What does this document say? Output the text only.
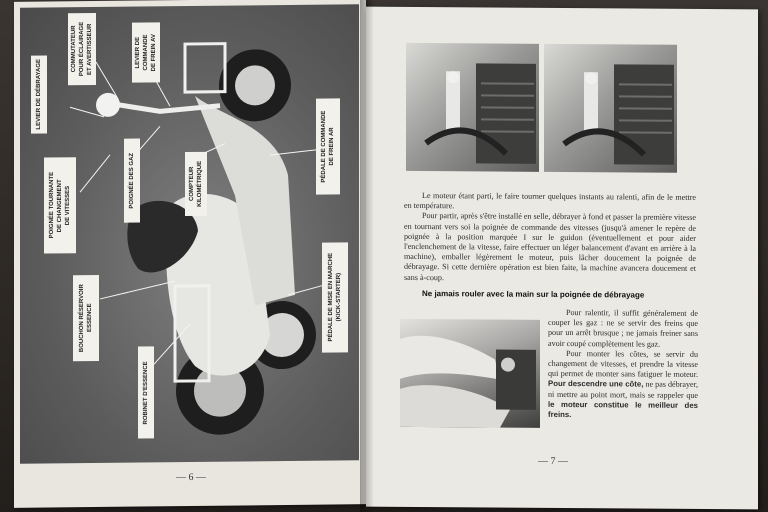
LEVIER DE DÉBRAYAGE
COMMUTATEUR
POUR ÉCLAIRAGE
ET AVERTISSEUR	LEVIER DE
COMMANDE
DE FREIN AV
POIGNÉE TOURNANTE
DE CHANGEMENT
DE VITESSES	POIGNÉE DES GAZ	COMPTEUR
KILOMÉTRIQUE
PÉDALE DE COMMANDE
DE FREIN AR
BOUCHON RÉSERVOIR
ESSENCE	PÉDALE DE MISE EN MARCHE
(KICK-STARTER)
ROBINET D'ESSENCE
— 6 —

Le moteur étant parti, le faire tourner quelques instants au ralenti, afin de le mettre en température.

Pour partir, après s'être installé en selle, débrayer à fond et passer la première vitesse en tournant vers soi la poignée de commande des vitesses (jusqu'à amener le repère de poignée à la position marquée I sur le guidon (éventuellement et pour aider l'enclenchement de la vitesse, faire effectuer un léger balancement d'avant en arrière à la machine), emballer légèrement le moteur, puis lâcher doucement la poignée de débrayage. Si cette dernière opération est bien faite, la machine avancera doucement et sans à-coup.

Ne jamais rouler avec la main sur la poignée de débrayage

Pour ralentir, il suffit généralement de couper les gaz : ne se servir des freins que pour un arrêt brusque ; ne jamais freiner sans avoir coupé complètement les gaz.

Pour monter les côtes, se servir du changement de vitesses, et prendre la vitesse qui permet de monter sans fatiguer le moteur. Pour descendre une côte, ne pas débrayer, ni mettre au point mort, mais se rappeler que le moteur constitue le meilleur des freins.

— 7 —
